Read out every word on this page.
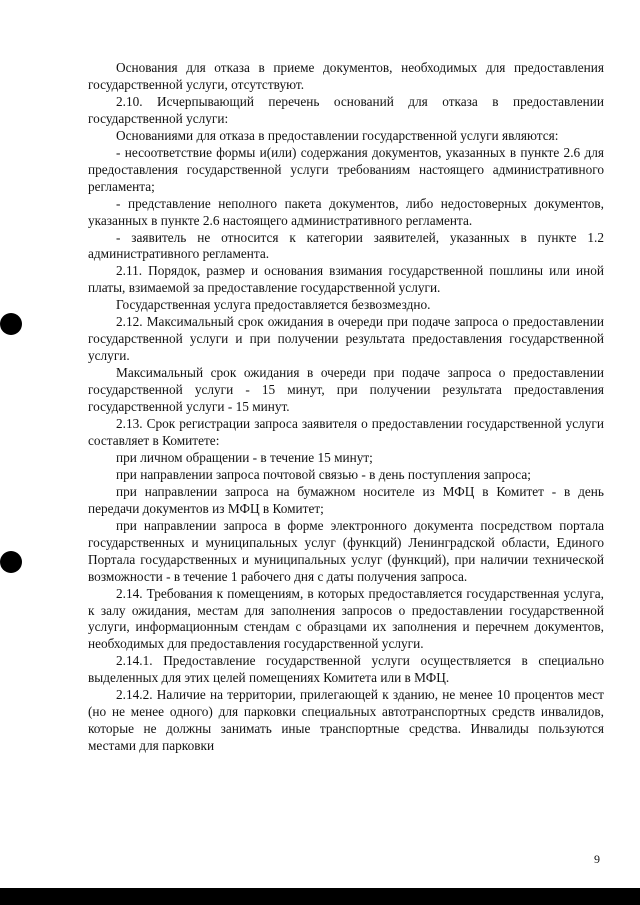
Основания для отказа в приеме документов, необходимых для предоставления государственной услуги, отсутствуют.

2.10. Исчерпывающий перечень оснований для отказа в предоставлении государственной услуги:

Основаниями для отказа в предоставлении государственной услуги являются:

- несоответствие формы и(или) содержания документов, указанных в пункте 2.6 для предоставления государственной услуги требованиям настоящего административного регламента;

- представление неполного пакета документов, либо недостоверных документов, указанных в пункте 2.6 настоящего административного регламента.

- заявитель не относится к категории заявителей, указанных в пункте 1.2 административного регламента.

2.11. Порядок, размер и основания взимания государственной пошлины или иной платы, взимаемой за предоставление государственной услуги.

Государственная услуга предоставляется безвозмездно.

2.12. Максимальный срок ожидания в очереди при подаче запроса о предоставлении государственной услуги и при получении результата предоставления государственной услуги.

Максимальный срок ожидания в очереди при подаче запроса о предоставлении государственной услуги - 15 минут, при получении результата предоставления государственной услуги - 15 минут.

2.13. Срок регистрации запроса заявителя о предоставлении государственной услуги составляет в Комитете:

при личном обращении - в течение 15 минут;

при направлении запроса почтовой связью - в день поступления запроса;

при направлении запроса на бумажном носителе из МФЦ в Комитет - в день передачи документов из МФЦ в Комитет;

при направлении запроса в форме электронного документа посредством портала государственных и муниципальных услуг (функций) Ленинградской области, Единого Портала государственных и муниципальных услуг (функций), при наличии технической возможности - в течение 1 рабочего дня с даты получения запроса.

2.14. Требования к помещениям, в которых предоставляется государственная услуга, к залу ожидания, местам для заполнения запросов о предоставлении государственной услуги, информационным стендам с образцами их заполнения и перечнем документов, необходимых для предоставления государственной услуги.

2.14.1. Предоставление государственной услуги осуществляется в специально выделенных для этих целей помещениях Комитета или в МФЦ.

2.14.2. Наличие на территории, прилегающей к зданию, не менее 10 процентов мест (но не менее одного) для парковки специальных автотранспортных средств инвалидов, которые не должны занимать иные транспортные средства. Инвалиды пользуются местами для парковки

9
